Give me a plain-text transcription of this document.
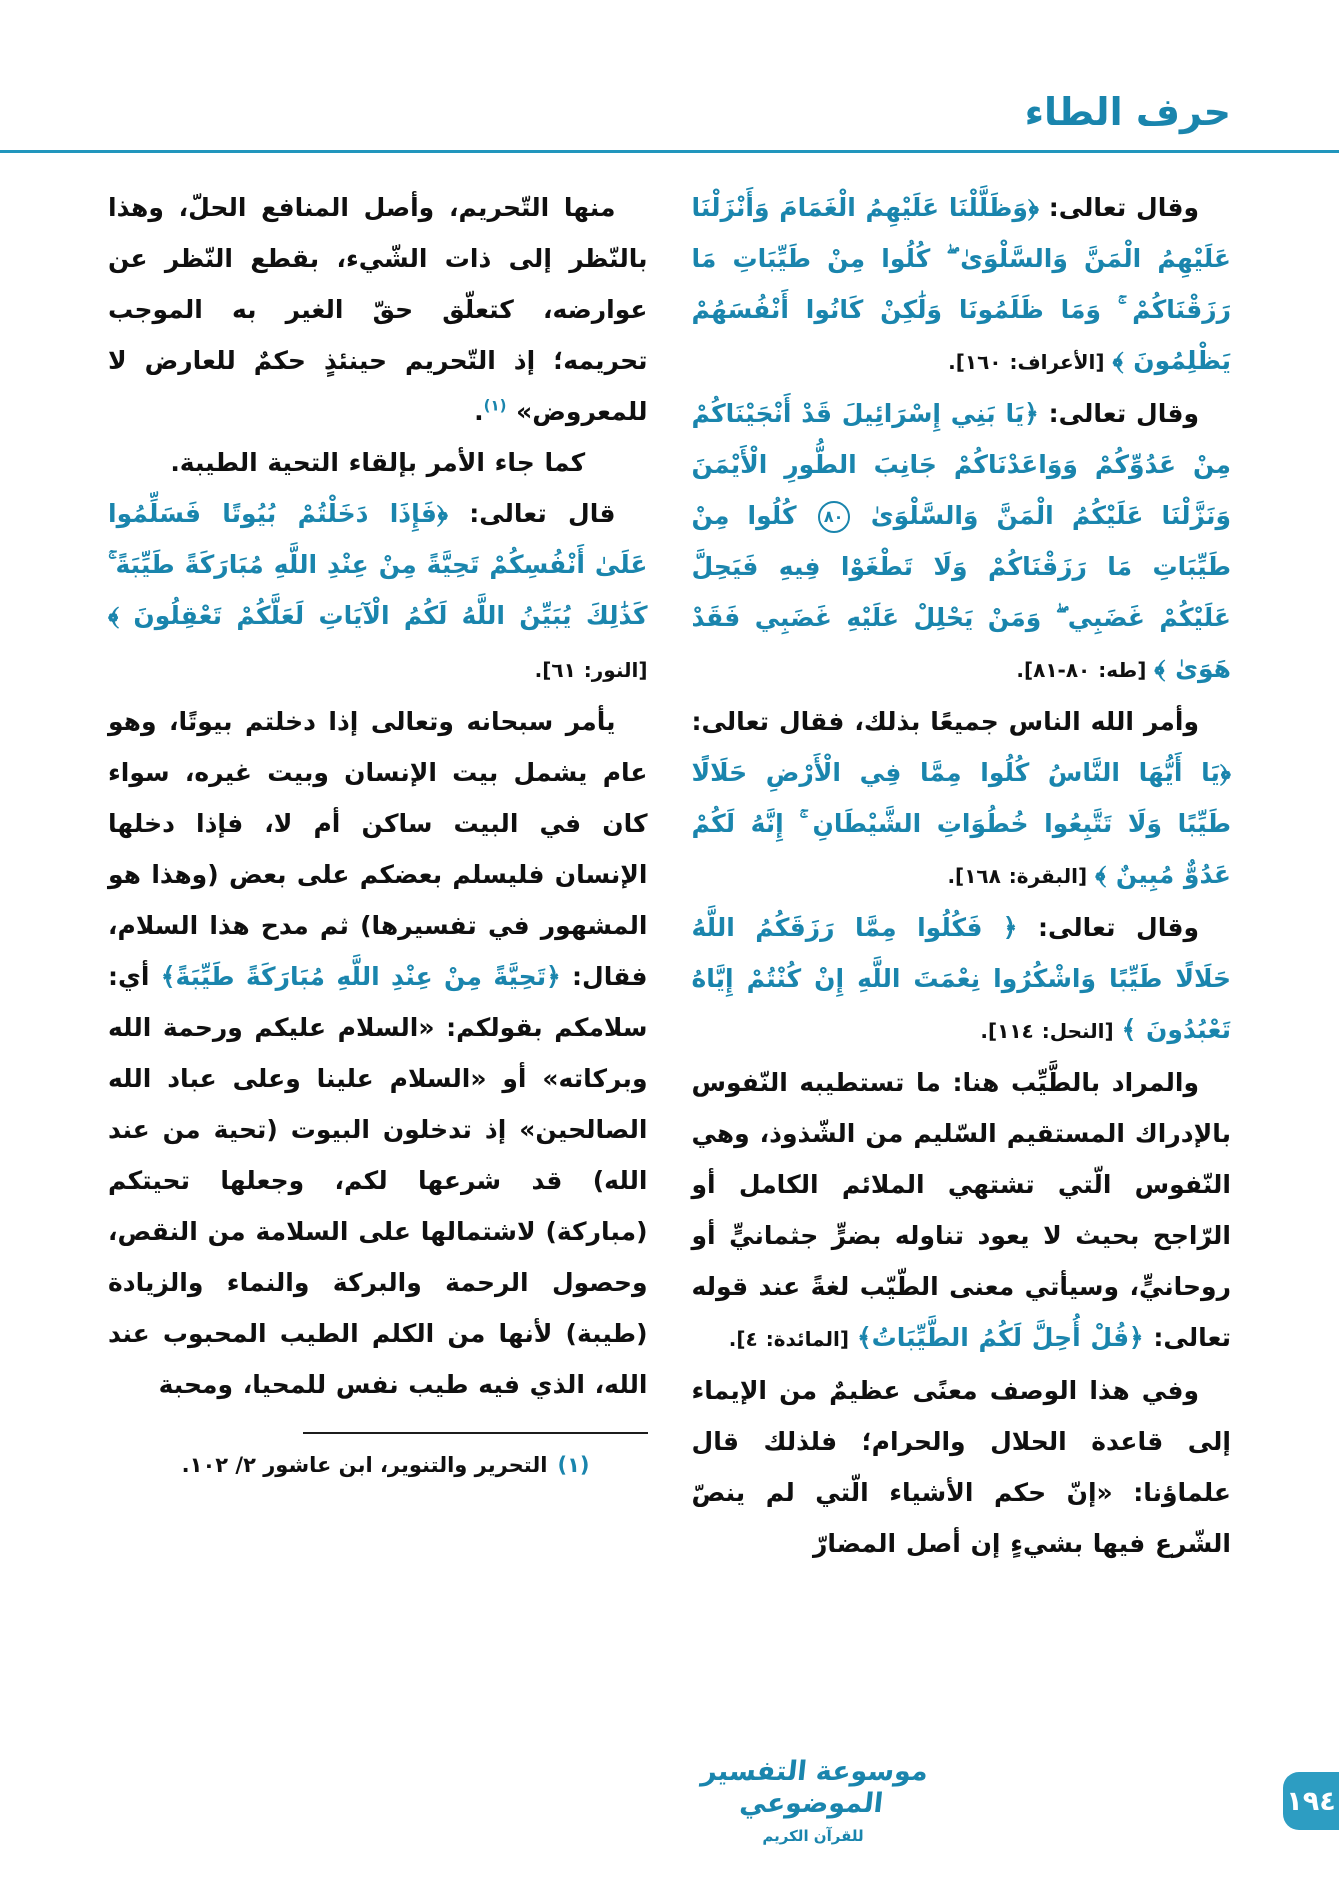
حرف الطاء

وقال تعالى: ﴿وَظَلَّلْنَا عَلَيْهِمُ الْغَمَامَ وَأَنْزَلْنَا عَلَيْهِمُ الْمَنَّ وَالسَّلْوَىٰ ۖ كُلُوا مِنْ طَيِّبَاتِ مَا رَزَقْنَاكُمْ ۚ وَمَا ظَلَمُونَا وَلَٰكِنْ كَانُوا أَنْفُسَهُمْ يَظْلِمُونَ ﴾ [الأعراف: ١٦٠].

وقال تعالى: ﴿يَا بَنِي إِسْرَائِيلَ قَدْ أَنْجَيْنَاكُمْ مِنْ عَدُوِّكُمْ وَوَاعَدْنَاكُمْ جَانِبَ الطُّورِ الْأَيْمَنَ وَنَزَّلْنَا عَلَيْكُمُ الْمَنَّ وَالسَّلْوَىٰ ٨٠ كُلُوا مِنْ طَيِّبَاتِ مَا رَزَقْنَاكُمْ وَلَا تَطْغَوْا فِيهِ فَيَحِلَّ عَلَيْكُمْ غَضَبِي ۖ وَمَنْ يَحْلِلْ عَلَيْهِ غَضَبِي فَقَدْ هَوَىٰ ﴾ [طه: ٨٠-٨١].

وأمر الله الناس جميعًا بذلك، فقال تعالى: ﴿يَا أَيُّهَا النَّاسُ كُلُوا مِمَّا فِي الْأَرْضِ حَلَالًا طَيِّبًا وَلَا تَتَّبِعُوا خُطُوَاتِ الشَّيْطَانِ ۚ إِنَّهُ لَكُمْ عَدُوٌّ مُبِينٌ ﴾ [البقرة: ١٦٨].

وقال تعالى: ﴿ فَكُلُوا مِمَّا رَزَقَكُمُ اللَّهُ حَلَالًا طَيِّبًا وَاشْكُرُوا نِعْمَتَ اللَّهِ إِنْ كُنْتُمْ إِيَّاهُ تَعْبُدُونَ ﴾ [النحل: ١١٤].

والمراد بالطَّيِّب هنا: ما تستطيبه النّفوس بالإدراك المستقيم السّليم من الشّذوذ، وهي النّفوس الّتي تشتهي الملائم الكامل أو الرّاجح بحيث لا يعود تناوله بضرٍّ جثمانيٍّ أو روحانيٍّ، وسيأتي معنى الطّيّب لغةً عند قوله تعالى: ﴿قُلْ أُحِلَّ لَكُمُ الطَّيِّبَاتُ﴾ [المائدة: ٤].

وفي هذا الوصف معنًى عظيمٌ من الإيماء إلى قاعدة الحلال والحرام؛ فلذلك قال علماؤنا: «إنّ حكم الأشياء الّتي لم ينصّ الشّرع فيها بشيءٍ إن أصل المضارّ

منها التّحريم، وأصل المنافع الحلّ، وهذا بالنّظر إلى ذات الشّيء، بقطع النّظر عن عوارضه، كتعلّق حقّ الغير به الموجب تحريمه؛ إذ التّحريم حينئذٍ حكمٌ للعارض لا للمعروض» $^{(١)}$.

كما جاء الأمر بإلقاء التحية الطيبة.

قال تعالى: ﴿فَإِذَا دَخَلْتُمْ بُيُوتًا فَسَلِّمُوا عَلَىٰ أَنْفُسِكُمْ تَحِيَّةً مِنْ عِنْدِ اللَّهِ مُبَارَكَةً طَيِّبَةً ۚ كَذَٰلِكَ يُبَيِّنُ اللَّهُ لَكُمُ الْآيَاتِ لَعَلَّكُمْ تَعْقِلُونَ ﴾ [النور: ٦١].

يأمر سبحانه وتعالى إذا دخلتم بيوتًا، وهو عام يشمل بيت الإنسان وبيت غيره، سواء كان في البيت ساكن أم لا، فإذا دخلها الإنسان فليسلم بعضكم على بعض (وهذا هو المشهور في تفسيرها) ثم مدح هذا السلام، فقال: ﴿تَحِيَّةً مِنْ عِنْدِ اللَّهِ مُبَارَكَةً طَيِّبَةً﴾ أي: سلامكم بقولكم: «السلام عليكم ورحمة الله وبركاته» أو «السلام علينا وعلى عباد الله الصالحين» إذ تدخلون البيوت (تحية من عند الله) قد شرعها لكم، وجعلها تحيتكم (مباركة) لاشتمالها على السلامة من النقص، وحصول الرحمة والبركة والنماء والزيادة (طيبة) لأنها من الكلم الطيب المحبوب عند الله، الذي فيه طيب نفس للمحيا، ومحبة

(١)التحرير والتنوير، ابن عاشور ٢/ ١٠٢.
موسوعة التفسير الموضوعي
للقرآن الكريم
١٩٤
